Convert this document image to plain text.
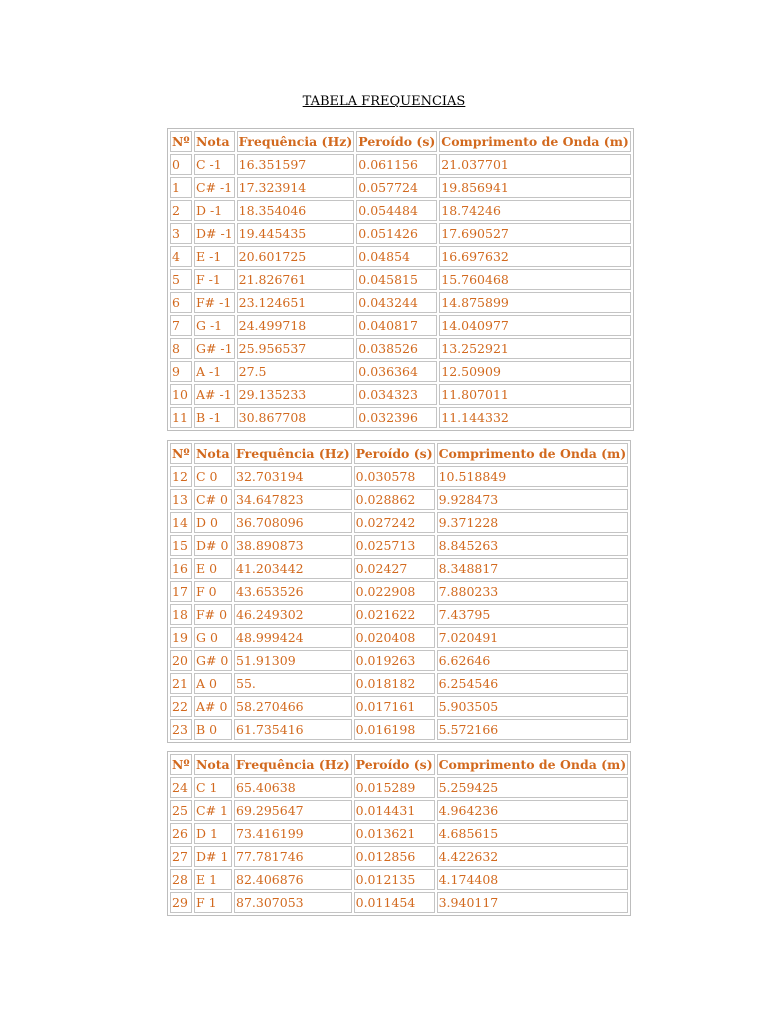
TABELA FREQUENCIAS
Nº	Nota	Frequência (Hz)	Peroído (s)	Comprimento de Onda (m)
0	C -1	16.351597	0.061156	21.037701
1	C# -1	17.323914	0.057724	19.856941
2	D -1	18.354046	0.054484	18.74246
3	D# -1	19.445435	0.051426	17.690527
4	E -1	20.601725	0.04854	16.697632
5	F -1	21.826761	0.045815	15.760468
6	F# -1	23.124651	0.043244	14.875899
7	G -1	24.499718	0.040817	14.040977
8	G# -1	25.956537	0.038526	13.252921
9	A -1	27.5	0.036364	12.50909
10	A# -1	29.135233	0.034323	11.807011
11	B -1	30.867708	0.032396	11.144332
Nº	Nota	Frequência (Hz)	Peroído (s)	Comprimento de Onda (m)
12	C 0	32.703194	0.030578	10.518849
13	C# 0	34.647823	0.028862	9.928473
14	D 0	36.708096	0.027242	9.371228
15	D# 0	38.890873	0.025713	8.845263
16	E 0	41.203442	0.02427	8.348817
17	F 0	43.653526	0.022908	7.880233
18	F# 0	46.249302	0.021622	7.43795
19	G 0	48.999424	0.020408	7.020491
20	G# 0	51.91309	0.019263	6.62646
21	A 0	55.	0.018182	6.254546
22	A# 0	58.270466	0.017161	5.903505
23	B 0	61.735416	0.016198	5.572166
Nº	Nota	Frequência (Hz)	Peroído (s)	Comprimento de Onda (m)
24	C 1	65.40638	0.015289	5.259425
25	C# 1	69.295647	0.014431	4.964236
26	D 1	73.416199	0.013621	4.685615
27	D# 1	77.781746	0.012856	4.422632
28	E 1	82.406876	0.012135	4.174408
29	F 1	87.307053	0.011454	3.940117
